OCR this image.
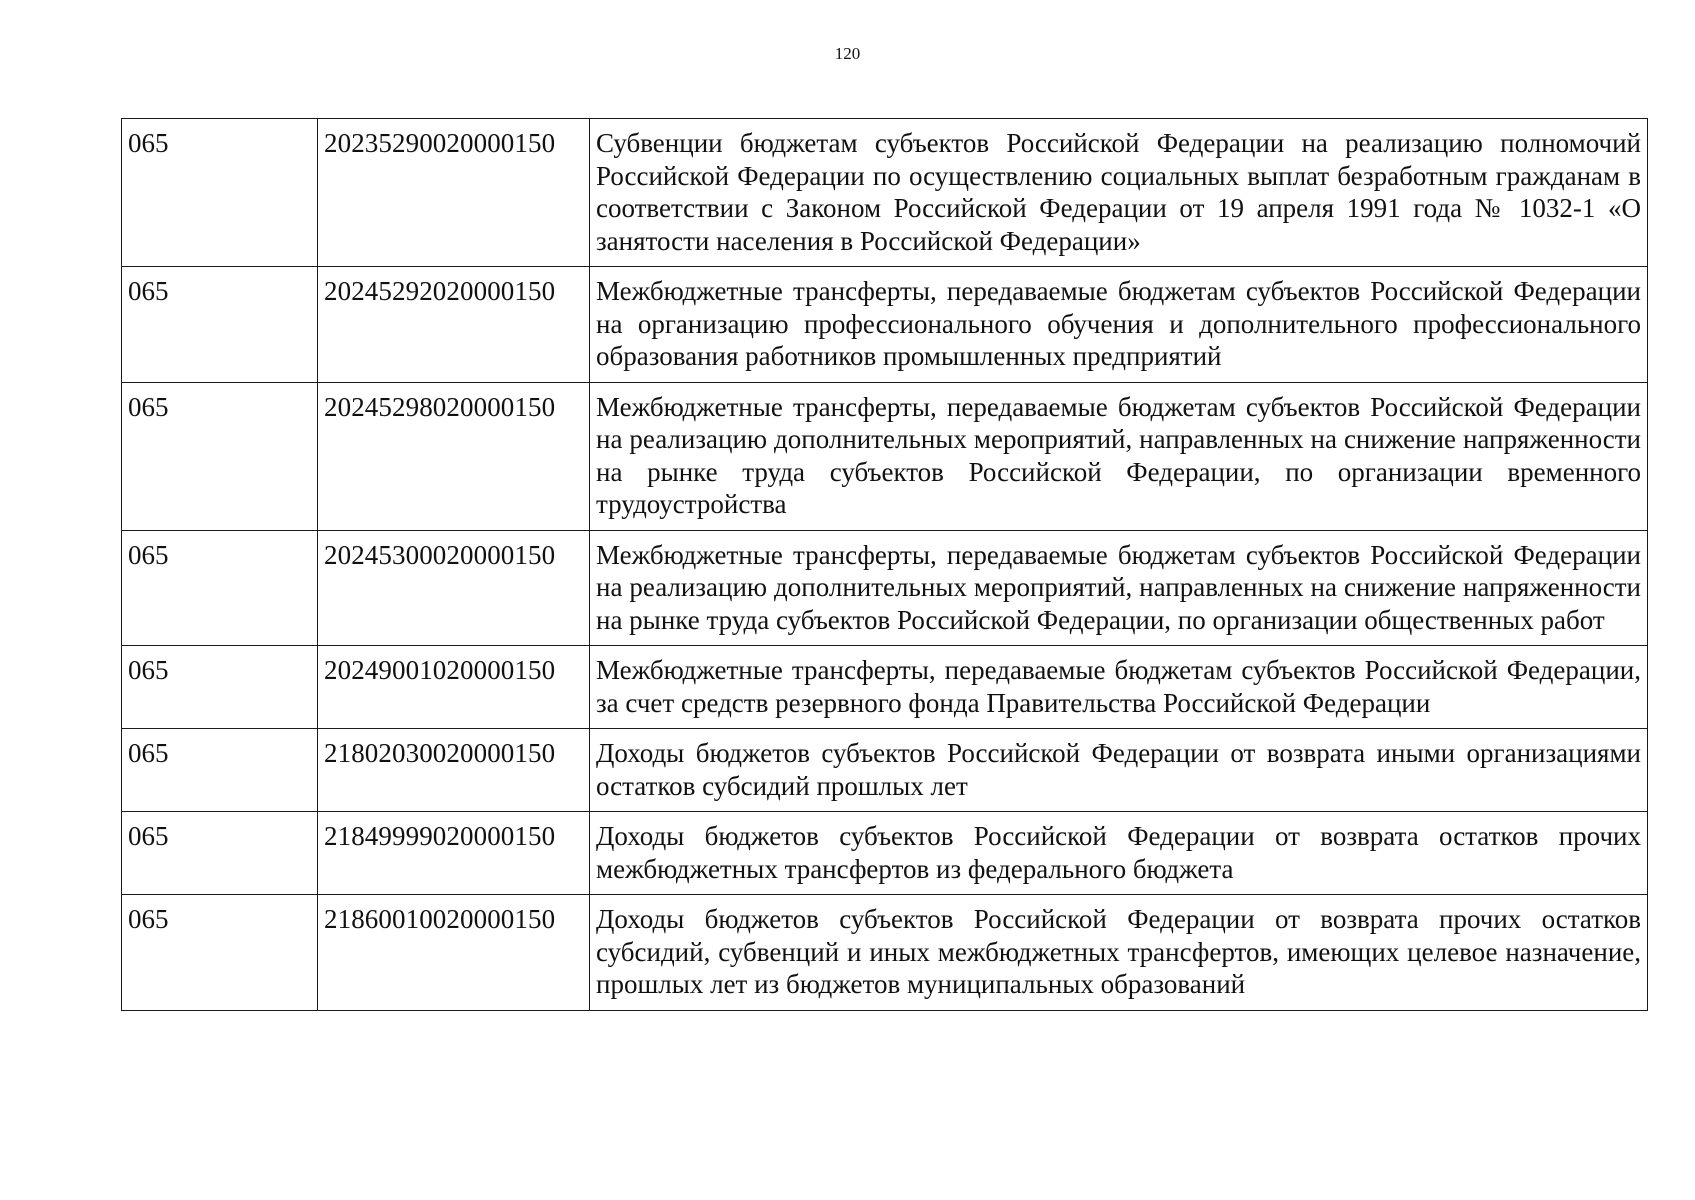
120
065	20235290020000150	Субвенции бюджетам субъектов Российской Федерации на реализацию полномочий Российской Федерации по осуществлению социальных выплат безработным гражданам в соответствии с Законом Российской Федерации от 19 апреля 1991 года № 1032-1 «О занятости населения в Российской Федерации»
065	20245292020000150	Межбюджетные трансферты, передаваемые бюджетам субъектов Российской Федерации на организацию профессионального обучения и дополнительного профессионального образования работников промышленных предприятий
065	20245298020000150	Межбюджетные трансферты, передаваемые бюджетам субъектов Российской Федерации на реализацию дополнительных мероприятий, направленных на снижение напряженности на рынке труда субъектов Российской Федерации, по организации временного трудоустройства
065	20245300020000150	Межбюджетные трансферты, передаваемые бюджетам субъектов Российской Федерации на реализацию дополнительных мероприятий, направленных на снижение напряженности на рынке труда субъектов Российской Федерации, по организации общественных работ
065	20249001020000150	Межбюджетные трансферты, передаваемые бюджетам субъектов Российской Федерации, за счет средств резервного фонда Правительства Российской Федерации
065	21802030020000150	Доходы бюджетов субъектов Российской Федерации от возврата иными организациями остатков субсидий прошлых лет
065	21849999020000150	Доходы бюджетов субъектов Российской Федерации от возврата остатков прочих межбюджетных трансфертов из федерального бюджета
065	21860010020000150	Доходы бюджетов субъектов Российской Федерации от возврата прочих остатков субсидий, субвенций и иных межбюджетных трансфертов, имеющих целевое назначение, прошлых лет из бюджетов муниципальных образований
